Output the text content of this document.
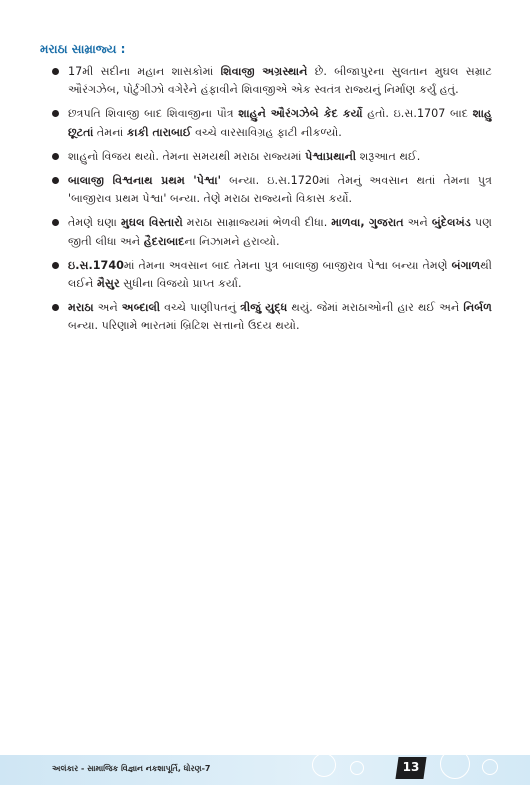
મરાઠા સામ્રાજ્ય :
17મી સદીના મહાન શાસકોમાં શિવાજી અગ્રસ્થાને છે. બીજાપુરના સુલતાન મુઘલ સમ્રાટ ઔરંગઝેબ, પોર્ટુગીઝો વગેરેને હંફાવીને શિવાજીએ એક સ્વતંત્ર રાજ્યનું નિર્માણ કર્યું હતું.
છત્રપતિ શિવાજી બાદ શિવાજીના પૌત્ર શાહુને ઔરંગઝેબે કેદ કર્યો હતો. ઇ.સ.1707 બાદ શાહુ છૂટતાં તેમનાં કાકી તારાબાઈ વચ્ચે વારસાવિગ્રહ ફાટી નીકળ્યો.
શાહુનો વિજય થયો. તેમના સમયથી મરાઠા રાજ્યમાં પેશ્વાપ્રથાની શરૂઆત થઈ.
બાલાજી વિશ્વનાથ પ્રથમ 'પેશ્વા' બન્યા. ઇ.સ.1720માં તેમનું અવસાન થતાં તેમના પુત્ર 'બાજીરાવ પ્રથમ પેશ્વા' બન્યા. તેણે મરાઠા રાજ્યનો વિકાસ કર્યો.
તેમણે ઘણા મુઘલ વિસ્તારો મરાઠા સામ્રાજ્યમાં ભેળવી દીધા. માળવા, ગુજરાત અને બુંદેલખંડ પણ જીતી લીધા અને હૈદરાબાદના નિઝામને હરાવ્યો.
ઇ.સ.1740માં તેમના અવસાન બાદ તેમના પુત્ર બાલાજી બાજીરાવ પેશ્વા બન્યા તેમણે બંગાળથી લઈને મૈસુર સુધીના વિજયો પ્રાપ્ત કર્યા.
મરાઠા અને અબ્દાલી વચ્ચે પાણીપતનું ત્રીજું યુદ્ધ થયું. જેમાં મરાઠાઓની હાર થઈ અને નિર્બળ બન્યા. પરિણામે ભારતમાં બ્રિટિશ સત્તાનો ઉદય થયો.
અલંકાર - સામાજિક વિજ્ઞાન નકશાપૂર્તિ, ધોરણ-7	13
